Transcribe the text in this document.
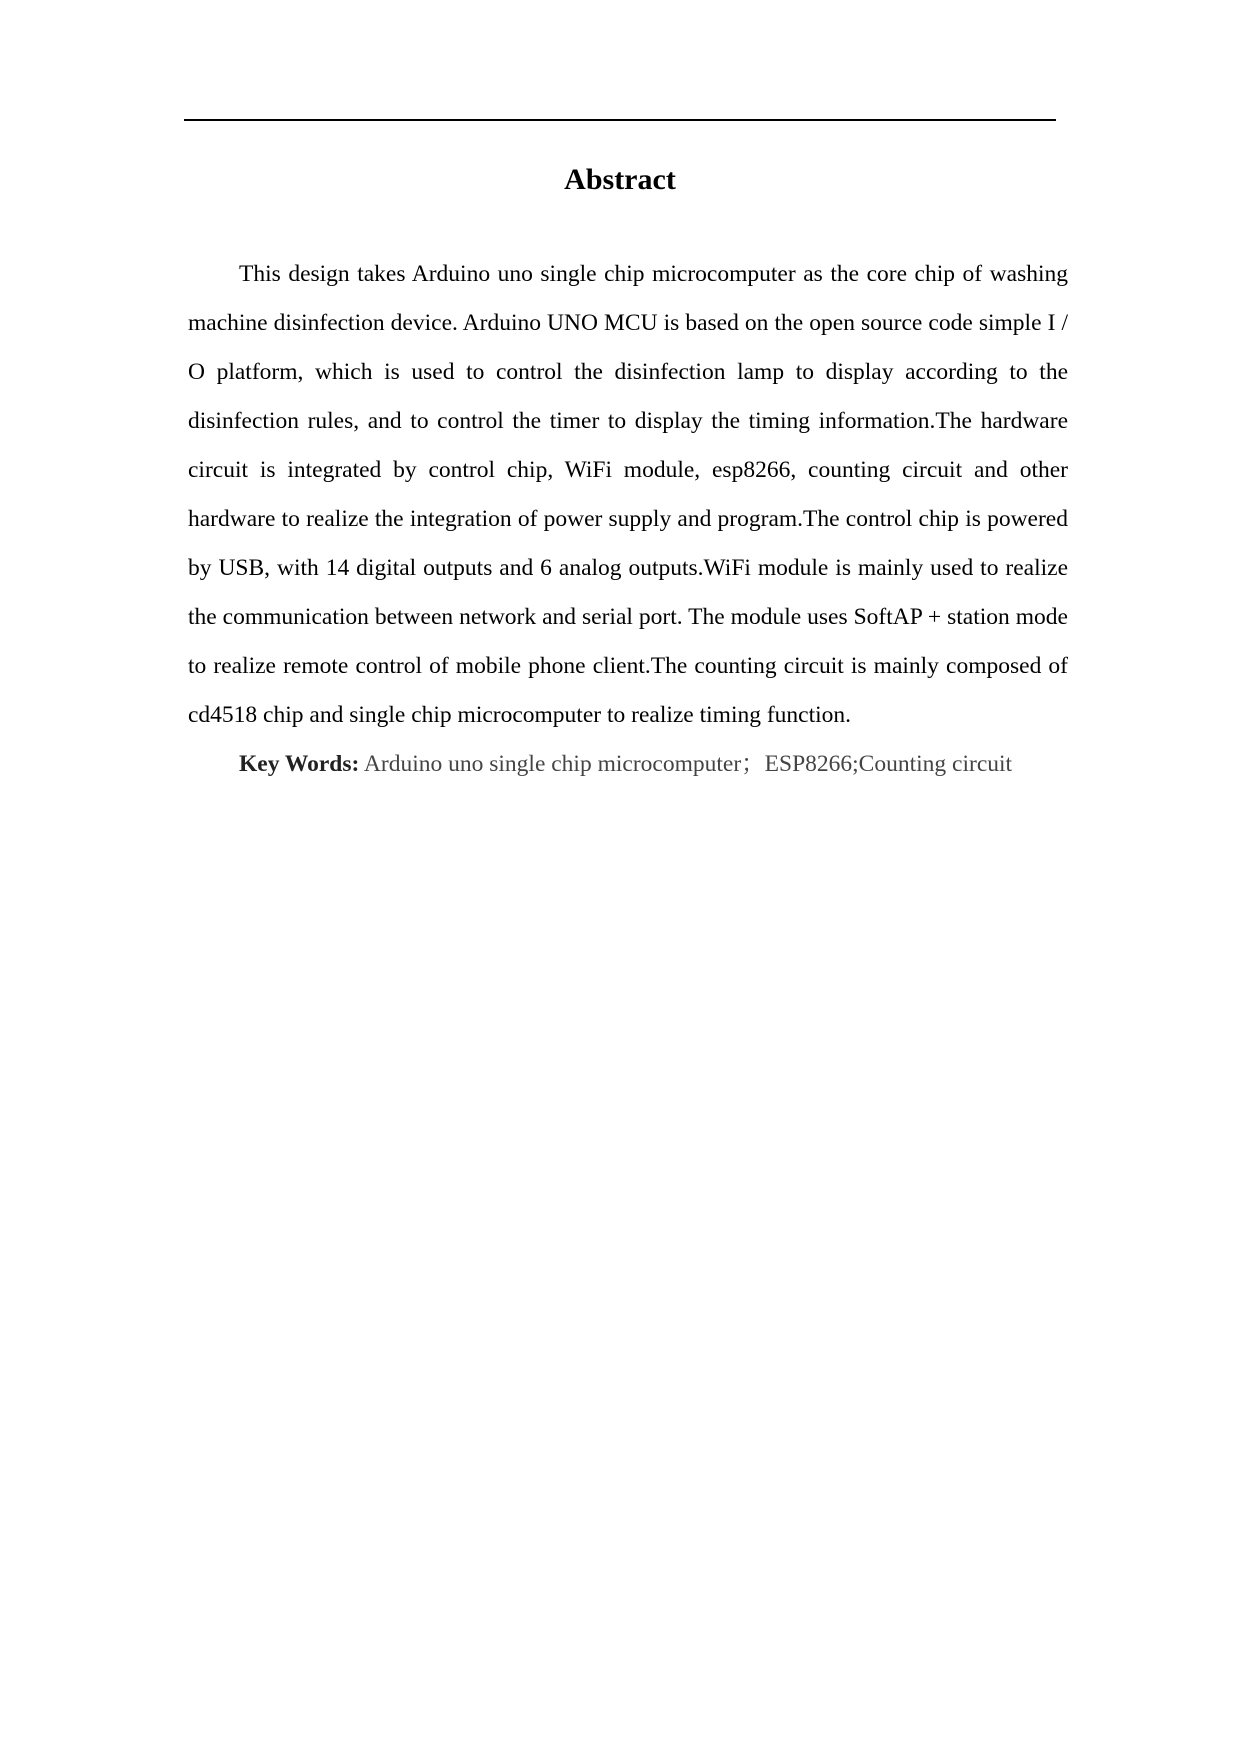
Abstract

This design takes Arduino uno single chip microcomputer as the core chip of washing machine disinfection device. Arduino UNO MCU is based on the open source code simple I / O platform, which is used to control the disinfection lamp to display according to the disinfection rules, and to control the timer to display the timing information.The hardware circuit is integrated by control chip, WiFi module, esp8266, counting circuit and other hardware to realize the integration of power supply and program.The control chip is powered by USB, with 14 digital outputs and 6 analog outputs.WiFi module is mainly used to realize the communication between network and serial port. The module uses SoftAP + station mode to realize remote control of mobile phone client.The counting circuit is mainly composed of cd4518 chip and single chip microcomputer to realize timing function.

Key Words: Arduino uno single chip microcomputer；ESP8266;Counting circuit
